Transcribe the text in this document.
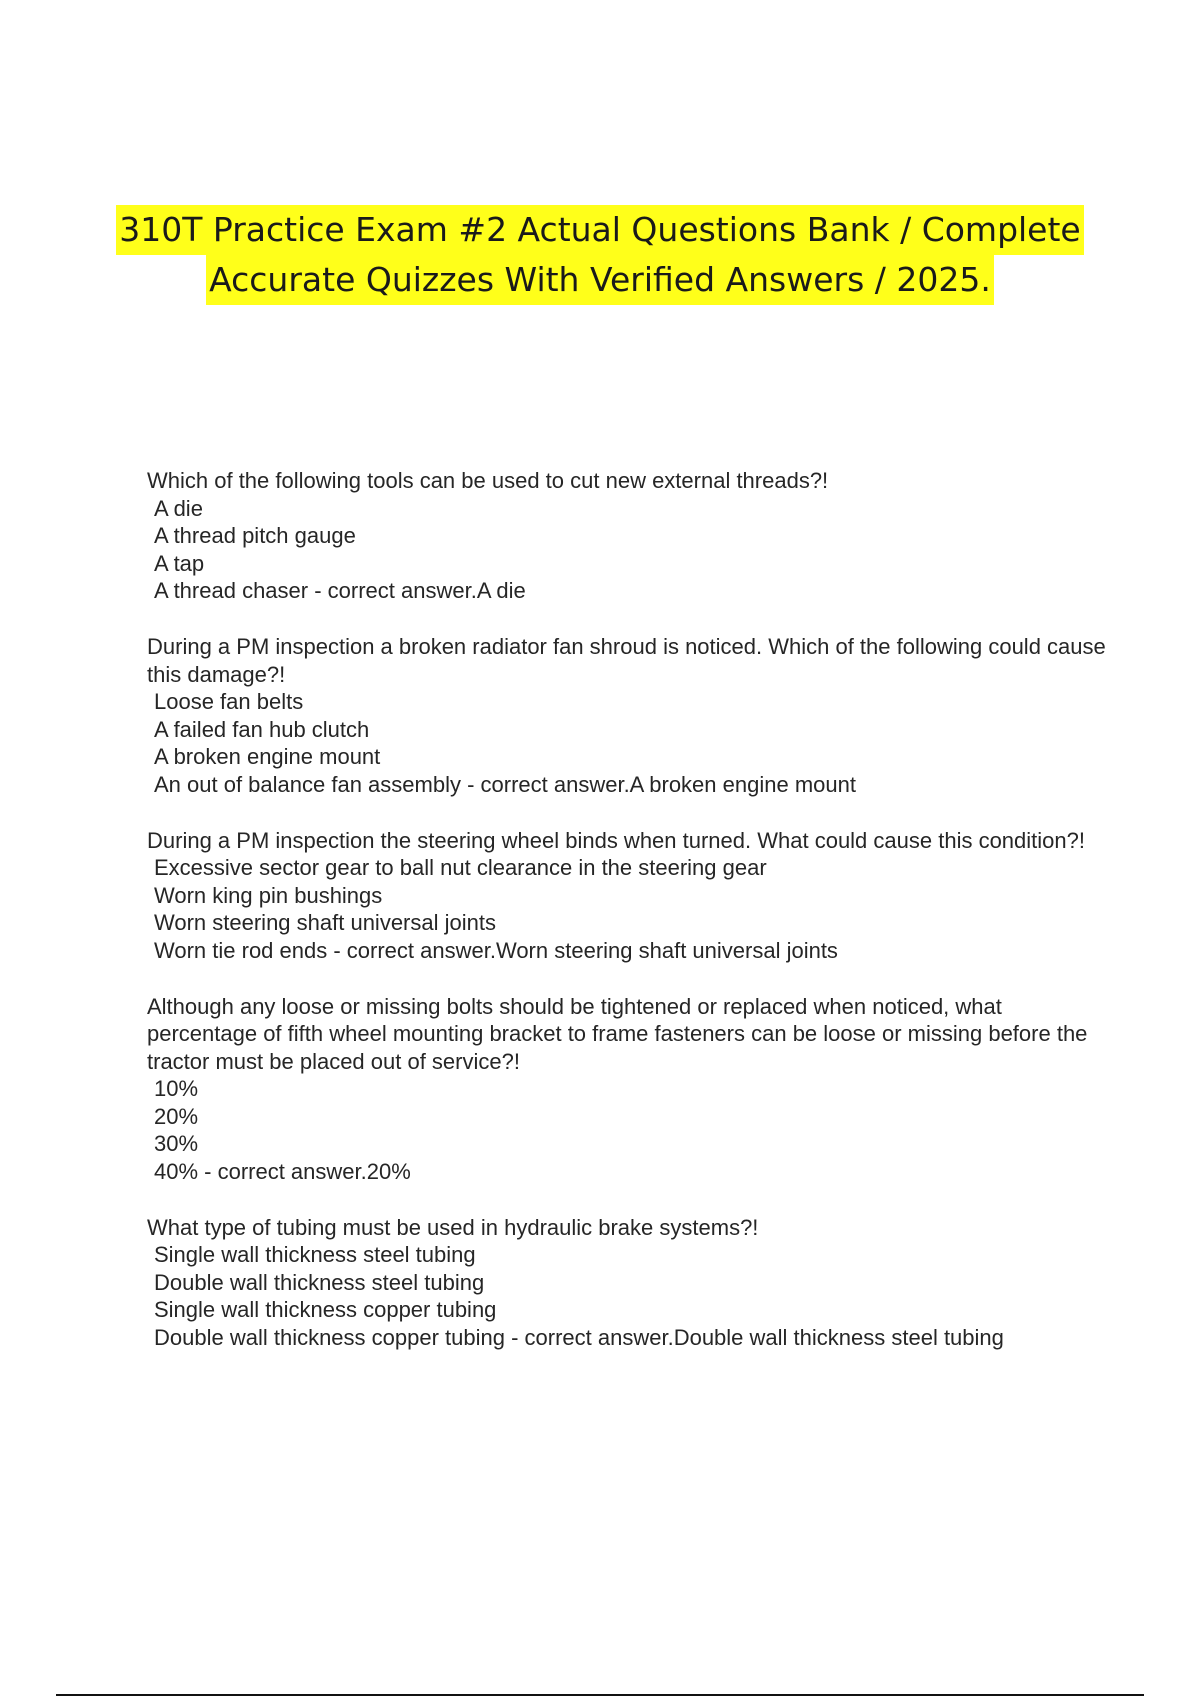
310T Practice Exam #2 Actual Questions Bank / Complete
Accurate Quizzes With Verified Answers / 2025.
Which of the following tools can be used to cut new external threads?!
A die
A thread pitch gauge
A tap
A thread chaser - correct answer.A die
During a PM inspection a broken radiator fan shroud is noticed. Which of the following could cause this damage?!
Loose fan belts
A failed fan hub clutch
A broken engine mount
An out of balance fan assembly - correct answer.A broken engine mount
During a PM inspection the steering wheel binds when turned. What could cause this condition?!
Excessive sector gear to ball nut clearance in the steering gear
Worn king pin bushings
Worn steering shaft universal joints
Worn tie rod ends - correct answer.Worn steering shaft universal joints
Although any loose or missing bolts should be tightened or replaced when noticed, what percentage of fifth wheel mounting bracket to frame fasteners can be loose or missing before the tractor must be placed out of service?!
10%
20%
30%
40% - correct answer.20%
What type of tubing must be used in hydraulic brake systems?!
Single wall thickness steel tubing
Double wall thickness steel tubing
Single wall thickness copper tubing
Double wall thickness copper tubing - correct answer.Double wall thickness steel tubing
